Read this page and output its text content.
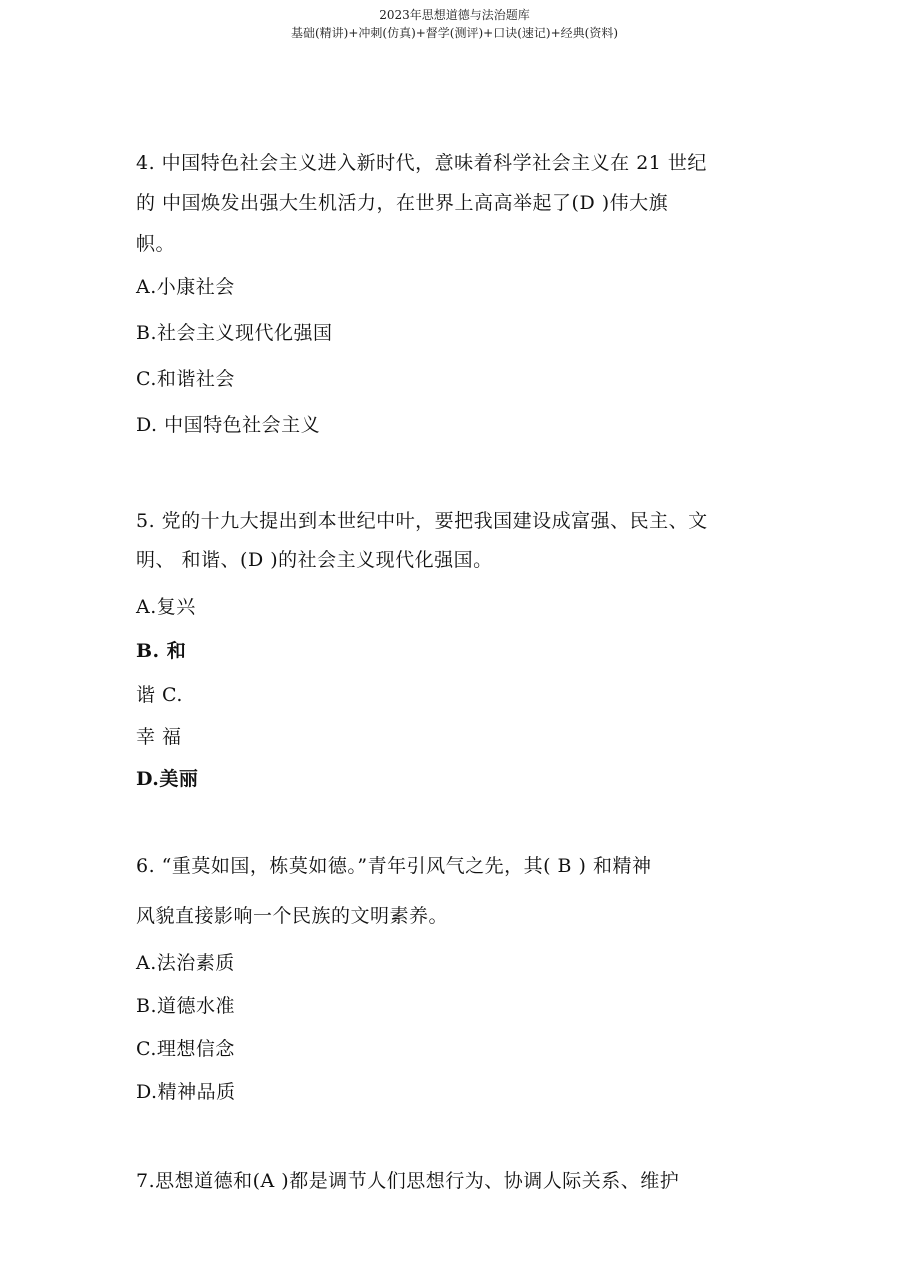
2023年思想道德与法治题库
基础(精讲)+冲刺(仿真)+督学(测评)+口诀(速记)+经典(资料)
4. 中国特色社会主义进入新时代，意味着科学社会主义在 21 世纪
的 中国焕发出强大生机活力，在世界上高高举起了(D )伟大旗
帜。
A.小康社会
B.社会主义现代化强国
C.和谐社会
D. 中国特色社会主义
5. 党的十九大提出到本世纪中叶，要把我国建设成富强、民主、文
明、 和谐、(D )的社会主义现代化强国。
A.复兴
B. 和
谐 C.
幸 福
D.美丽
6. “重莫如国，栋莫如德。”青年引风气之先，其( B ) 和精神
风貌直接影响一个民族的文明素养。
A.法治素质
B.道德水准
C.理想信念
D.精神品质
7.思想道德和(A )都是调节人们思想行为、协调人际关系、维护
